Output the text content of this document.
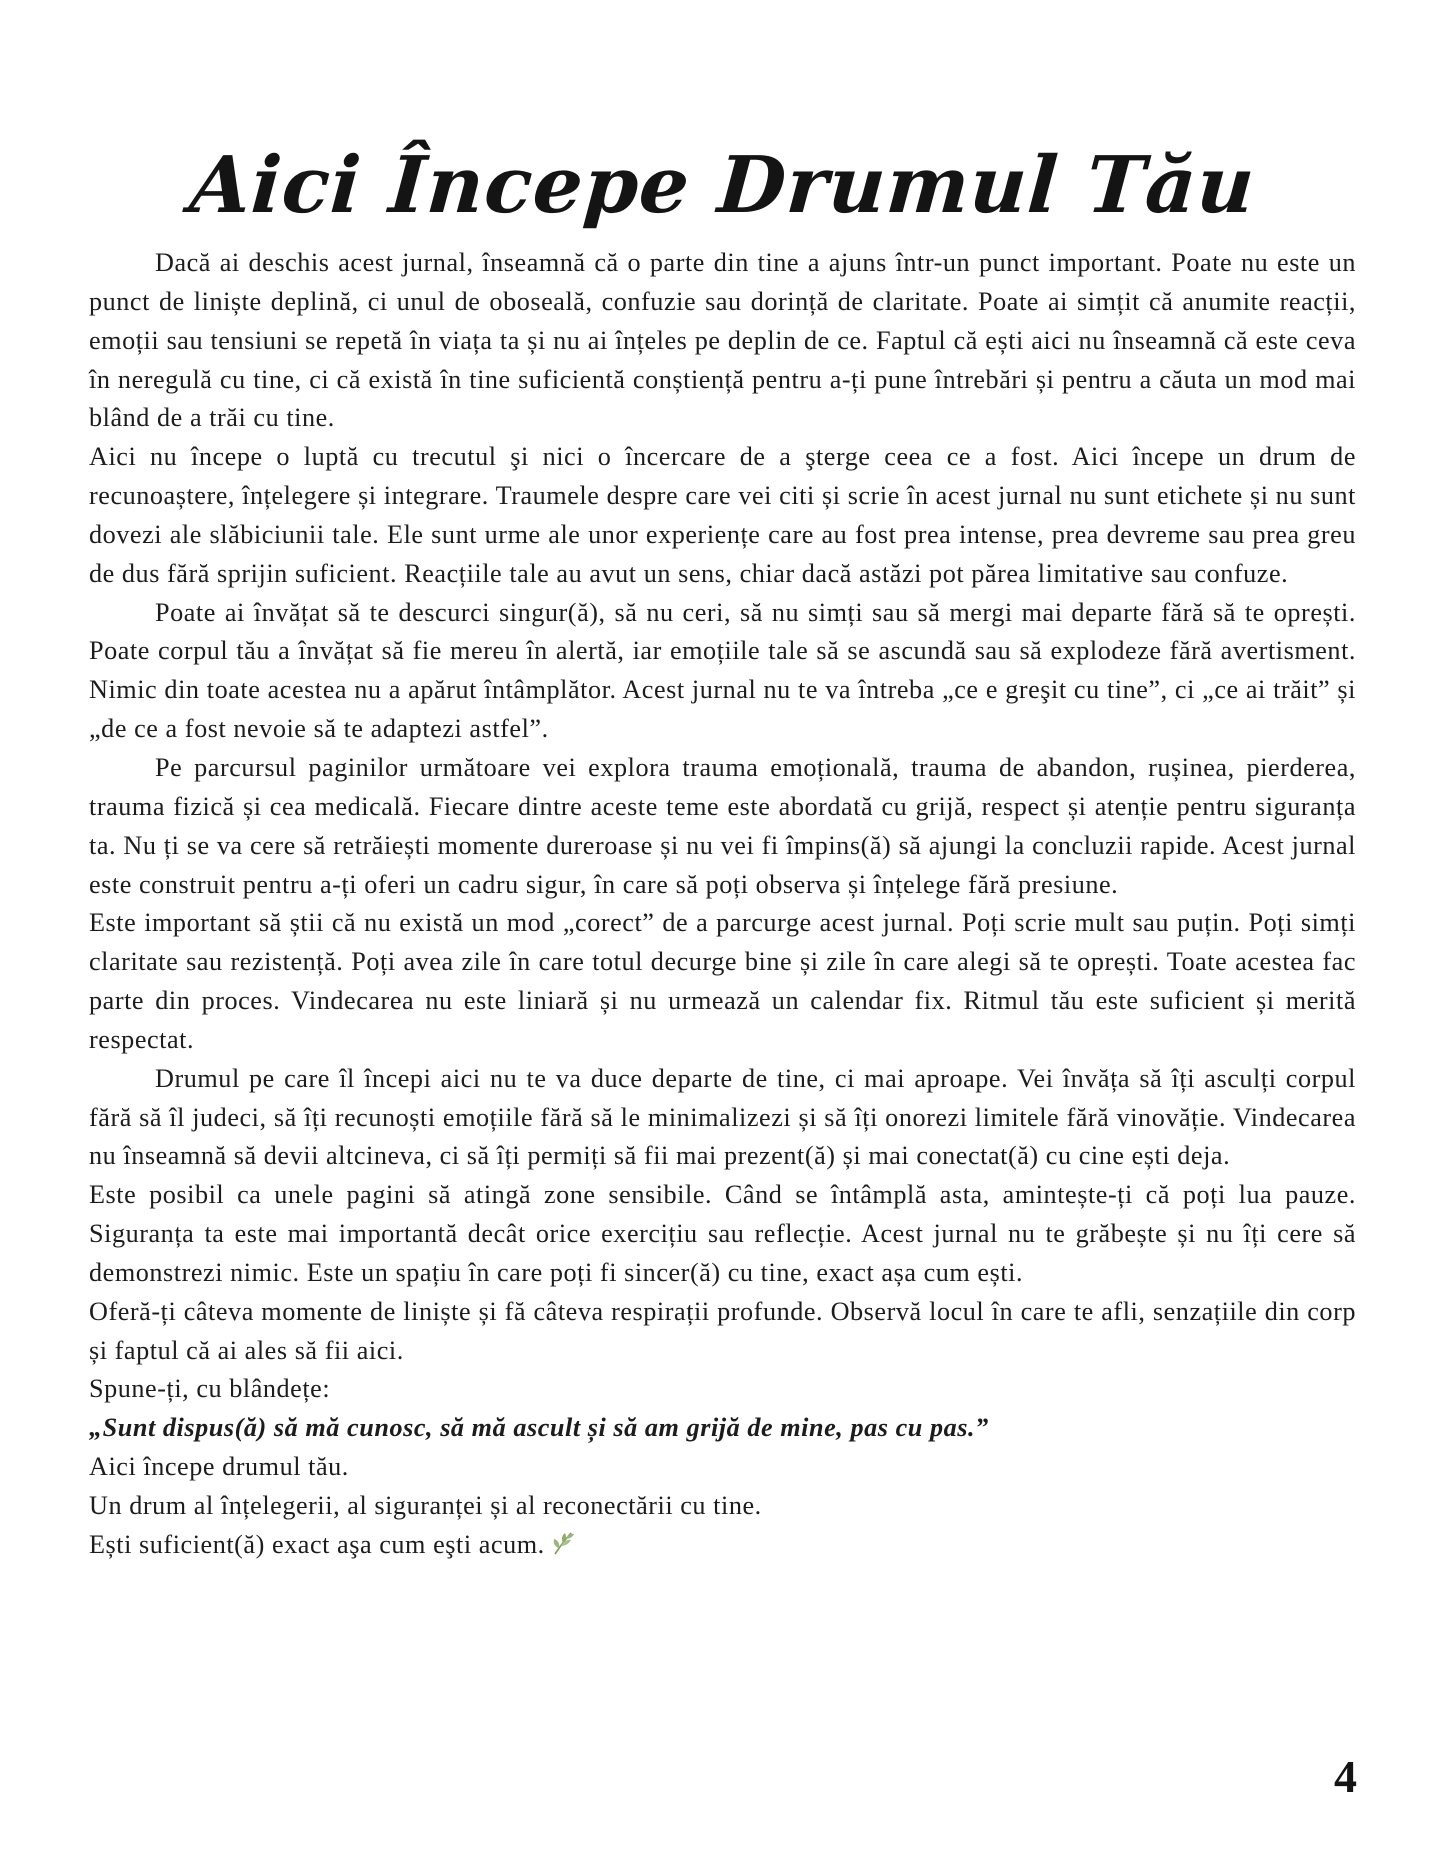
Aici Începe Drumul Tău

Dacă ai deschis acest jurnal, înseamnă că o parte din tine a ajuns într-un punct important. Poate nu este un punct de liniște deplină, ci unul de oboseală, confuzie sau dorință de claritate. Poate ai simțit că anumite reacții, emoții sau tensiuni se repetă în viața ta și nu ai înțeles pe deplin de ce. Faptul că ești aici nu înseamnă că este ceva în neregulă cu tine, ci că există în tine suficientă conștiență pentru a-ți pune întrebări și pentru a căuta un mod mai blând de a trăi cu tine.

Aici nu începe o luptă cu trecutul şi nici o încercare de a şterge ceea ce a fost. Aici începe un drum de recunoaștere, înțelegere și integrare. Traumele despre care vei citi și scrie în acest jurnal nu sunt etichete și nu sunt dovezi ale slăbiciunii tale. Ele sunt urme ale unor experiențe care au fost prea intense, prea devreme sau prea greu de dus fără sprijin suficient. Reacțiile tale au avut un sens, chiar dacă astăzi pot părea limitative sau confuze.

Poate ai învățat să te descurci singur(ă), să nu ceri, să nu simți sau să mergi mai departe fără să te oprești. Poate corpul tău a învățat să fie mereu în alertă, iar emoțiile tale să se ascundă sau să explodeze fără avertisment. Nimic din toate acestea nu a apărut întâmplător. Acest jurnal nu te va întreba „ce e greşit cu tine”, ci „ce ai trăit” și „de ce a fost nevoie să te adaptezi astfel”.

Pe parcursul paginilor următoare vei explora trauma emoțională, trauma de abandon, rușinea, pierderea, trauma fizică și cea medicală. Fiecare dintre aceste teme este abordată cu grijă, respect și atenție pentru siguranța ta. Nu ți se va cere să retrăiești momente dureroase și nu vei fi împins(ă) să ajungi la concluzii rapide. Acest jurnal este construit pentru a-ți oferi un cadru sigur, în care să poți observa și înțelege fără presiune.

Este important să știi că nu există un mod „corect” de a parcurge acest jurnal. Poți scrie mult sau puțin. Poți simți claritate sau rezistență. Poți avea zile în care totul decurge bine și zile în care alegi să te oprești. Toate acestea fac parte din proces. Vindecarea nu este liniară și nu urmează un calendar fix. Ritmul tău este suficient și merită respectat.

Drumul pe care îl începi aici nu te va duce departe de tine, ci mai aproape. Vei învăța să îți asculți corpul fără să îl judeci, să îți recunoști emoțiile fără să le minimalizezi și să îți onorezi limitele fără vinovăție. Vindecarea nu înseamnă să devii altcineva, ci să îți permiți să fii mai prezent(ă) și mai conectat(ă) cu cine ești deja.

Este posibil ca unele pagini să atingă zone sensibile. Când se întâmplă asta, amintește-ți că poți lua pauze. Siguranța ta este mai importantă decât orice exercițiu sau reflecție. Acest jurnal nu te grăbește și nu îți cere să demonstrezi nimic. Este un spațiu în care poți fi sincer(ă) cu tine, exact așa cum ești.

Oferă-ți câteva momente de liniște și fă câteva respirații profunde. Observă locul în care te afli, senzațiile din corp și faptul că ai ales să fii aici.

Spune-ți, cu blândețe:

„Sunt dispus(ă) să mă cunosc, să mă ascult și să am grijă de mine, pas cu pas.”

Aici începe drumul tău.

Un drum al înțelegerii, al siguranței și al reconectării cu tine.

Ești suficient(ă) exact aşa cum eşti acum.

4
